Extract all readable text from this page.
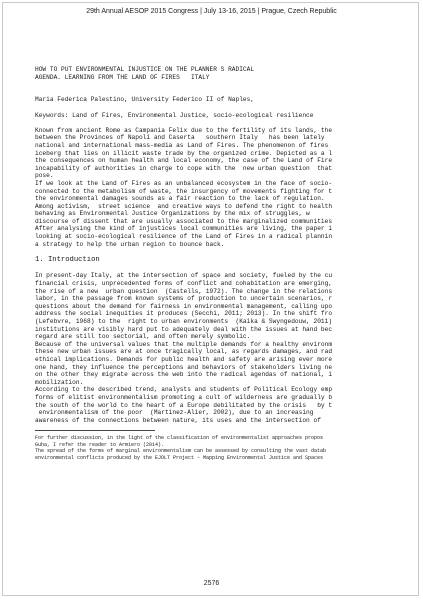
29th Annual AESOP 2015 Congress | July 13-16, 2015 | Prague, Czech Republic
HOW TO PUT ENVIRONMENTAL INJUSTICE ON THE PLANNER S RADICAL
AGENDA. LEARNING FROM THE LAND OF FIRES   ITALY
Maria Federica Palestino, University Federico II of Naples,
Keywords: Land of Fires, Environmental Justice, socio-ecological resilience
Known from ancient Rome as Campania Felix due to the fertility of its lands, the
between the Provinces of Napoli and Caserta   southern Italy   has been lately
national and international mass-media as Land of Fires. The phenomenon of fires
iceberg that lies on illicit waste trade by the organized crime. Depicted as a l
the consequences on human health and local economy, the case of the Land of Fire
incapability of authorities in charge to cope with the  new urban question  that
pose.
If we look at the Land of Fires as an unbalanced ecosystem in the face of socio-
connected to the metabolism of waste, the insurgency of movements fighting for t
the environmental damages sounds as a fair reaction to the lack of regulation.
Among activism,  street science  and creative ways to defend the right to health
behaving as Environmental Justice Organizations by the mix of struggles, w
discourse of dissent that are usually associated to the marginalized communities
After analysing the kind of injustices local communities are living, the paper i
looking at socio-ecological resilience of the Land of Fires in a radical plannin
a strategy to help the urban region to bounce back.
1. Introduction
In present-day Italy, at the intersection of space and society, fueled by the cu
financial crisis, unprecedented forms of conflict and cohabitation are emerging,
the rise of a new  urban question  (Castells, 1972). The change in the relations
labor, in the passage from known systems of production to uncertain scenarios, r
questions about the demand for fairness in environmental management, calling upo
address the social inequities it produces (Secchi, 2011; 2013). In the shift fro
(Lefebvre, 1968) to the  right to urban environments  (Kaika & Swyngedouw, 2011)
institutions are visibly hard put to adequately deal with the issues at hand bec
regard are still too sectorial, and often merely symbolic.
Because of the universal values that the multiple demands for a healthy environm
these new urban issues are at once tragically local, as regards damages, and rad
ethical implications. Demands for public health and safety are arising ever more
one hand, they influence the perceptions and behaviors of stakeholders living ne
on the other they migrate across the web into the radical agendas of national, i
mobilization.
According to the described trend, analysts and students of Political Ecology emp
forms of elitist environmentalism promoting a cult of wilderness are gradually b
the south of the world to the heart of a Europe debilitated by the crisis   by t
environmentalism of the poor  (Martinez-Alier, 2002), due to an increasing
awareness of the connections between nature, its uses and the intersection of
For further discussion, in the light of the classification of environmentalist approaches propos
Guha, I refer the reader to Armiero (2014).
The spread of the forms of marginal environmentalism can be assessed by consulting the vast datab
environmental conflicts produced by the EJOLT Project - Mapping Environmental Justice and Spaces
2576
